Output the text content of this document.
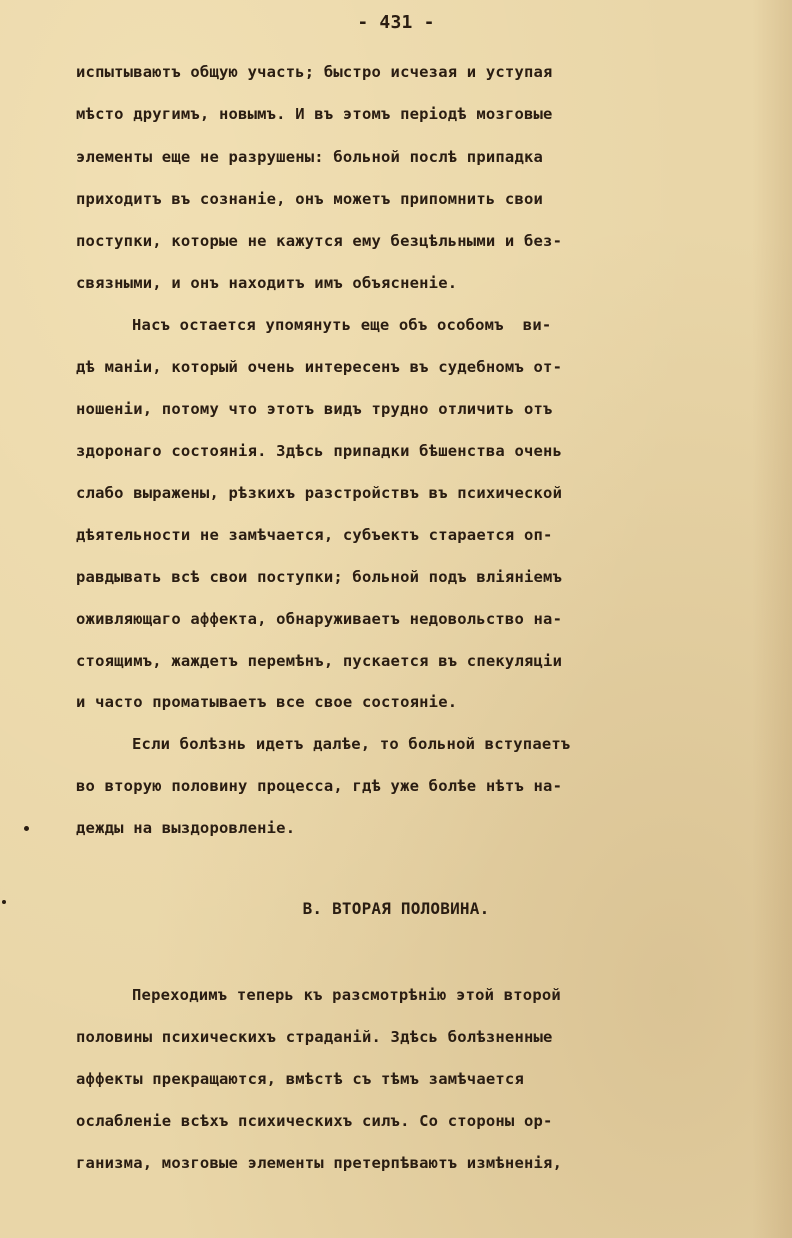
- 431 -
испытываютъ общую участь; быстро исчезая и уступая
мѣсто другимъ, новымъ. И въ этомъ періодѣ мозговые
элементы еще не разрушены: больной послѣ припадка
приходитъ въ сознаніе, онъ можетъ припомнить свои
поступки, которые не кажутся ему безцѣльными и без-
связными, и онъ находитъ имъ объясненіе.
Насъ остается упомянуть еще объ особомъ  ви-
дѣ маніи, который очень интересенъ въ судебномъ от-
ношеніи, потому что этотъ видъ трудно отличить отъ
здоронаго состоянія. Здѣсь припадки бѣшенства очень
слабо выражены, рѣзкихъ разстройствъ въ психической
дѣятельности не замѣчается, субъектъ старается оп-
равдывать всѣ свои поступки; больной подъ вліяніемъ
оживляющаго аффекта, обнаруживаетъ недовольство на-
стоящимъ, жаждетъ перемѣнъ, пускается въ спекуляціи
и часто проматываетъ все свое состояніе.
Если болѣзнь идетъ далѣе, то больной вступаетъ
во вторую половину процесса, гдѣ уже болѣе нѣтъ на-
дежды на выздоровленіе.
В. ВТОРАЯ ПОЛОВИНА.
Переходимъ теперь къ разсмотрѣнію этой второй
половины психическихъ страданій. Здѣсь болѣзненные
аффекты прекращаются, вмѣстѣ съ тѣмъ замѣчается
ослабленіе всѣхъ психическихъ силъ. Со стороны ор-
ганизма, мозговые элементы претерпѣваютъ измѣненія,
